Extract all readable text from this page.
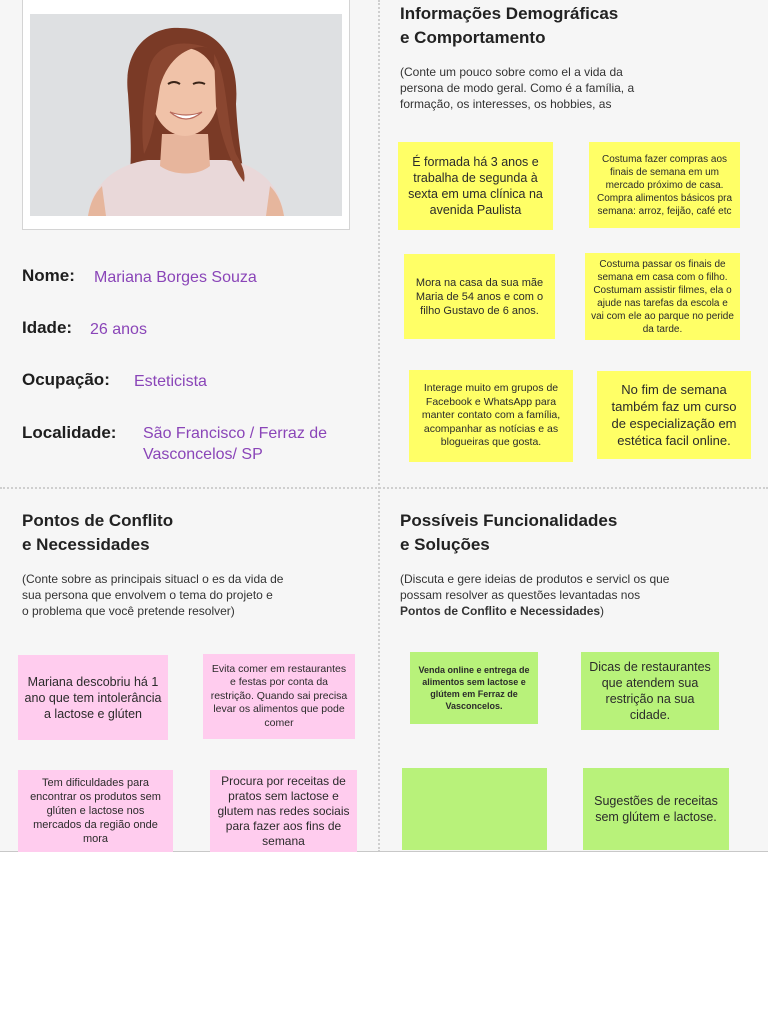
Nome: Mariana Borges Souza
Idade: 26 anos
Ocupação: Esteticista
Localidade: São Francisco / Ferraz de
Vasconcelos/ SP
Informações Demográficas
e Comportamento
(Conte um pouco sobre como el a vida da
persona de modo geral. Como é a família, a
formação, os interesses, os hobbies, as
É formada há 3 anos e trabalha de segunda à sexta em uma clínica na avenida Paulista
Costuma fazer compras aos finais de semana em um mercado próximo de casa. Compra alimentos básicos pra semana: arroz, feijão, café etc
Mora na casa da sua mãe Maria de 54 anos e com o filho Gustavo de 6 anos.
Costuma passar os finais de semana em casa com o filho. Costumam assistir filmes, ela o ajude nas tarefas da escola e vai com ele ao parque no peride da tarde.
Interage muito em grupos de Facebook e WhatsApp para manter contato com a família, acompanhar as notícias e as blogueiras que gosta.
No fim de semana também faz um curso de especialização em estética facil online.
Pontos de Conflito
e Necessidades
(Conte sobre as principais situacl o es da vida de
sua persona que envolvem o tema do projeto e
o problema que você pretende resolver)
Mariana descobriu há 1 ano que tem intolerância a lactose e glúten
Evita comer em restaurantes e festas por conta da restrição. Quando sai precisa levar os alimentos que pode comer
Tem dificuldades para encontrar os produtos sem glúten e lactose nos mercados da região onde mora
Procura por receitas de pratos sem lactose e glutem nas redes sociais para fazer aos fins de semana
Possíveis Funcionalidades
e Soluções
(Discuta e gere ideias de produtos e servicl os que
possam resolver as questões levantadas nos
Pontos de Conflito e Necessidades)
Venda online e entrega de alimentos sem lactose e glútem em Ferraz de Vasconcelos.
Dicas de restaurantes que atendem sua restrição na sua cidade.
Sugestões de receitas sem glútem e lactose.
